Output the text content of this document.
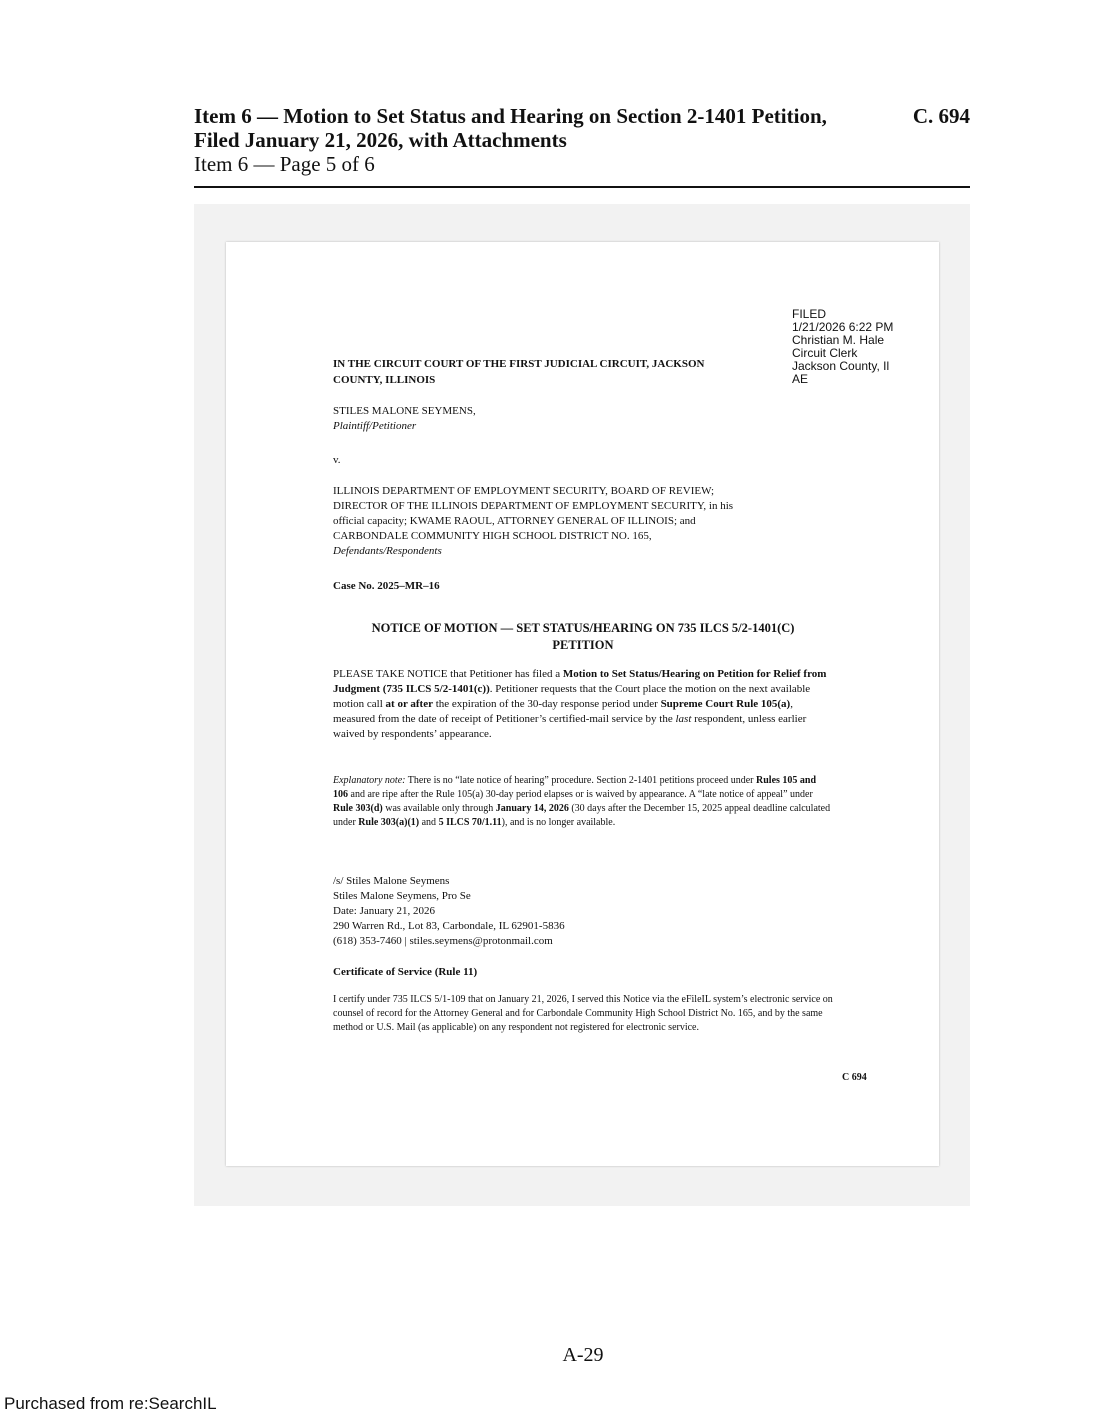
Item 6 — Motion to Set Status and Hearing on Section 2-1401 Petition,
Filed January 21, 2026, with Attachments
C. 694
Item 6 — Page 5 of 6
FILED
1/21/2026 6:22 PM
Christian M. Hale
Circuit Clerk
Jackson County, Il
AE
IN THE CIRCUIT COURT OF THE FIRST JUDICIAL CIRCUIT, JACKSON
COUNTY, ILLINOIS
STILES MALONE SEYMENS,
Plaintiff/Petitioner
v.
ILLINOIS DEPARTMENT OF EMPLOYMENT SECURITY, BOARD OF REVIEW;
DIRECTOR OF THE ILLINOIS DEPARTMENT OF EMPLOYMENT SECURITY, in his
official capacity; KWAME RAOUL, ATTORNEY GENERAL OF ILLINOIS; and
CARBONDALE COMMUNITY HIGH SCHOOL DISTRICT NO. 165,
Defendants/Respondents
Case No. 2025–MR–16
NOTICE OF MOTION — SET STATUS/HEARING ON 735 ILCS 5/2-1401(C)
PETITION

PLEASE TAKE NOTICE that Petitioner has filed a Motion to Set Status/Hearing on Petition for Relief from Judgment (735 ILCS 5/2-1401(c)). Petitioner requests that the Court place the motion on the next available motion call at or after the expiration of the 30-day response period under Supreme Court Rule 105(a), measured from the date of receipt of Petitioner’s certified-mail service by the last respondent, unless earlier waived by respondents’ appearance.

Explanatory note: There is no “late notice of hearing” procedure. Section 2-1401 petitions proceed under Rules 105 and 106 and are ripe after the Rule 105(a) 30-day period elapses or is waived by appearance. A “late notice of appeal” under Rule 303(d) was available only through January 14, 2026 (30 days after the December 15, 2025 appeal deadline calculated under Rule 303(a)(1) and 5 ILCS 70/1.11), and is no longer available.

/s/ Stiles Malone Seymens
Stiles Malone Seymens, Pro Se
Date: January 21, 2026
290 Warren Rd., Lot 83, Carbondale, IL 62901-5836
(618) 353-7460 | stiles.seymens@protonmail.com
Certificate of Service (Rule 11)

I certify under 735 ILCS 5/1-109 that on January 21, 2026, I served this Notice via the eFileIL system’s electronic service on counsel of record for the Attorney General and for Carbondale Community High School District No. 165, and by the same method or U.S. Mail (as applicable) on any respondent not registered for electronic service.

C 694
A-29
Purchased from re:SearchIL
